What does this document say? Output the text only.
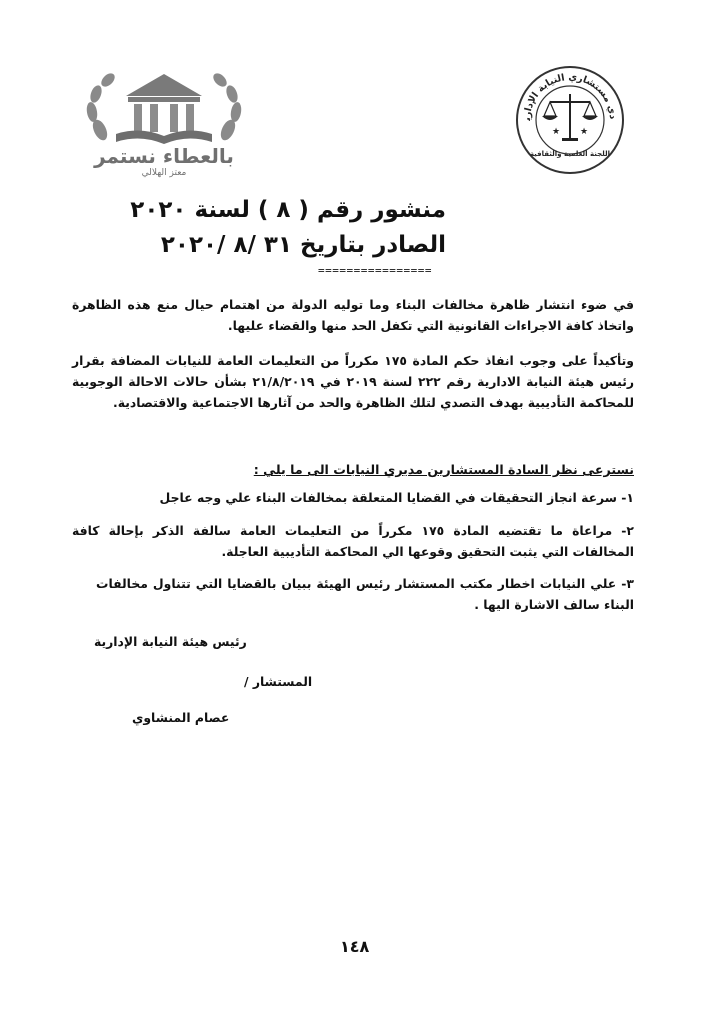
بالعطاء نستمر
معتز الهلالي
دي مستشاري النيابة الإدارية
★ ★
اللجنة العلمية والثقافية
منشور رقم ( ٨ ) لسنة ٢٠٢٠
الصادر بتاريخ ٣١ /٨ /٢٠٢٠
================
في ضوء انتشار ظاهرة مخالفات البناء وما توليه الدولة من اهتمام حيال منع هذه الظاهرة واتخاذ كافة الاجراءات القانونية التي تكفل الحد منها والقضاء عليها.
وتأكيداً على وجوب انفاذ حكم المادة ١٧٥ مكرراً من التعليمات العامة للنيابات المضافة بقرار رئيس هيئة النيابة الادارية رقم ٢٢٢ لسنة ٢٠١٩ في ٢١/٨/٢٠١٩ بشأن حالات الاحالة الوجوبية للمحاكمة التأديبية بهدف التصدي لتلك الظاهرة والحد من آثارها الاجتماعية والاقتصادية.
نسترعى نظر السادة المستشارين مديري النيابات الى ما يلي :
١- سرعة انجاز التحقيقات في القضايا المتعلقة بمخالفات البناء علي وجه عاجل
٢- مراعاة ما تقتضيه المادة ١٧٥ مكرراً من التعليمات العامة سالفة الذكر بإحالة كافة المخالفات التي يثبت التحقيق وقوعها الي المحاكمة التأديبية العاجلة.
٣- علي النيابات اخطار مكتب المستشار رئيس الهيئة ببيان بالقضايا التي تتناول مخالفات البناء سالف الاشارة اليها .
رئيس هيئة النيابة الإدارية
المستشار /
عصام المنشاوي
١٤٨
